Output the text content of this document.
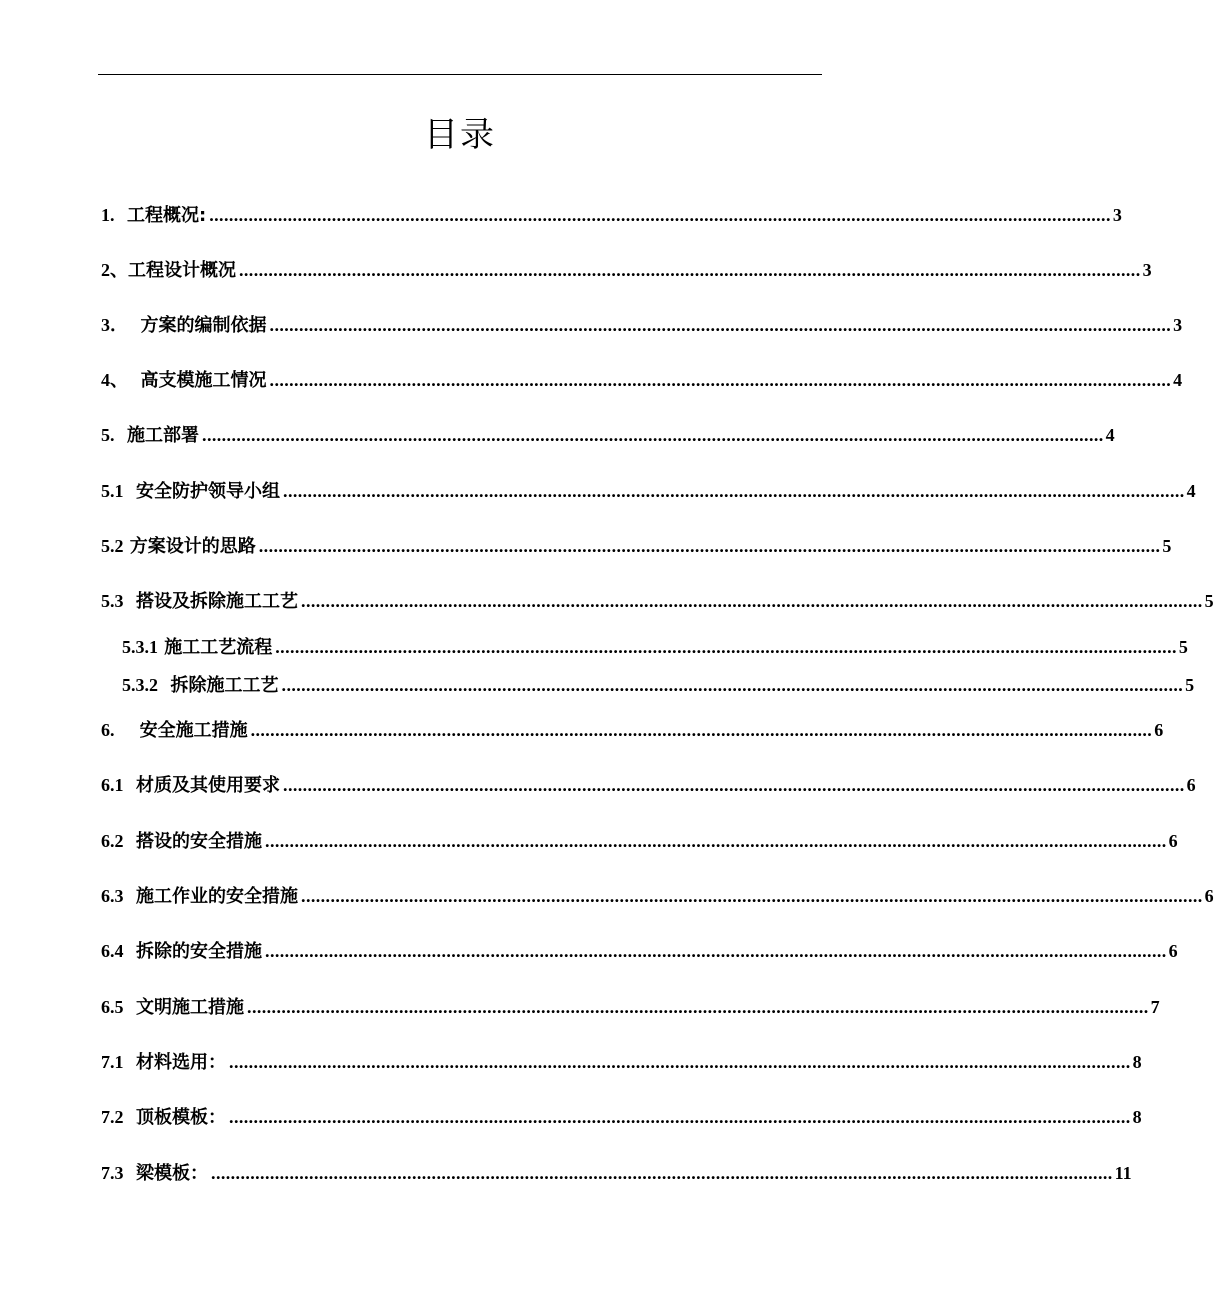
目录
1. 工程概况: ........................................................................................................................................................................................ 3
2、工程设计概况 ........................................................................................................................................................................................ 3
3． 方案的编制依据 ........................................................................................................................................................................................ 3
4、 高支模施工情况 ........................................................................................................................................................................................ 4
5. 施工部署 ........................................................................................................................................................................................ 4
5.1 安全防护领导小组 ........................................................................................................................................................................................ 4
5.2 方案设计的思路 ........................................................................................................................................................................................ 5
5.3 搭设及拆除施工工艺 ........................................................................................................................................................................................ 5
5.3.1 施工工艺流程 ........................................................................................................................................................................................ 5
5.3.2 拆除施工工艺 ........................................................................................................................................................................................ 5
6. 安全施工措施 ........................................................................................................................................................................................ 6
6.1 材质及其使用要求 ........................................................................................................................................................................................ 6
6.2 搭设的安全措施 ........................................................................................................................................................................................ 6
6.3 施工作业的安全措施 ........................................................................................................................................................................................ 6
6.4 拆除的安全措施 ........................................................................................................................................................................................ 6
6.5 文明施工措施 ........................................................................................................................................................................................ 7
7.1 材料选用： ........................................................................................................................................................................................ 8
7.2 顶板模板： ........................................................................................................................................................................................ 8
7.3 梁模板： ........................................................................................................................................................................................ 11
